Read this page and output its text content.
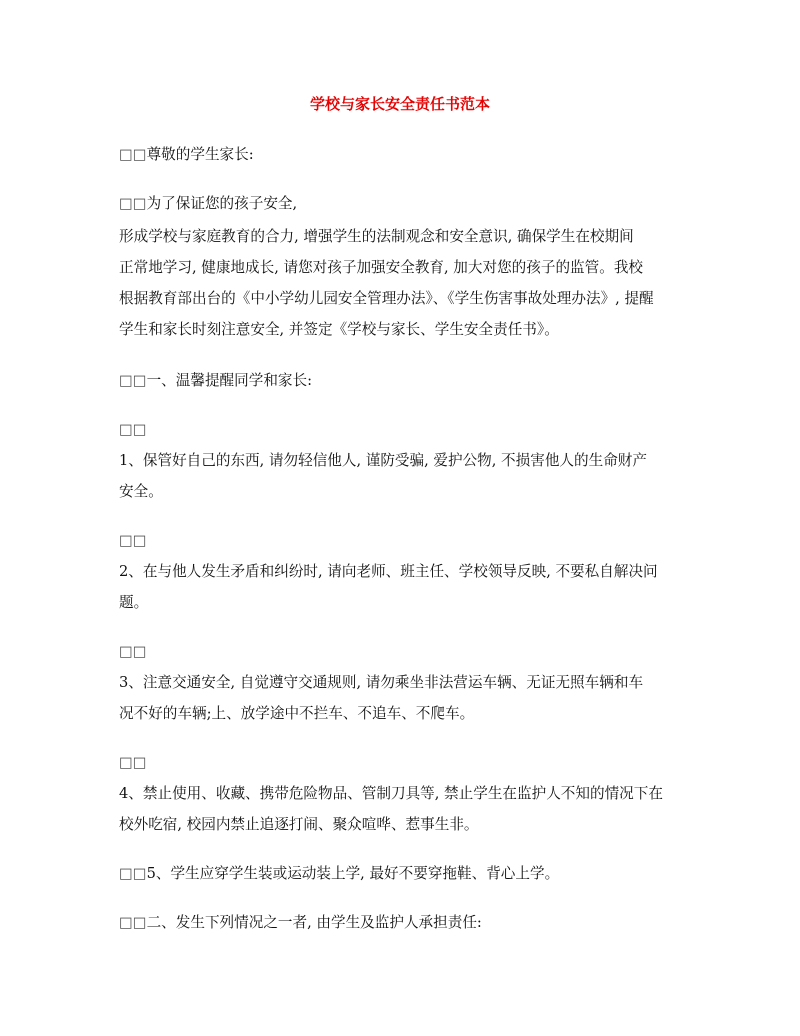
学校与家长安全责任书范本
□□尊敬的学生家长:
□□为了保证您的孩子安全,
形成学校与家庭教育的合力, 增强学生的法制观念和安全意识, 确保学生在校期间
正常地学习, 健康地成长, 请您对孩子加强安全教育, 加大对您的孩子的监管。我校
根据教育部出台的《中小学幼儿园安全管理办法》、《学生伤害事故处理办法》, 提醒
学生和家长时刻注意安全, 并签定《学校与家长、学生安全责任书》。
□□一、温馨提醒同学和家长:
□□
1、保管好自己的东西, 请勿轻信他人, 谨防受骗, 爱护公物, 不损害他人的生命财产
安全。
□□
2、在与他人发生矛盾和纠纷时, 请向老师、班主任、学校领导反映, 不要私自解决问
题。
□□
3、注意交通安全, 自觉遵守交通规则, 请勿乘坐非法营运车辆、无证无照车辆和车
况不好的车辆;上、放学途中不拦车、不追车、不爬车。
□□
4、禁止使用、收藏、携带危险物品、管制刀具等, 禁止学生在监护人不知的情况下在
校外吃宿, 校园内禁止追逐打闹、聚众喧哗、惹事生非。
□□5、学生应穿学生装或运动装上学, 最好不要穿拖鞋、背心上学。
□□二、发生下列情况之一者, 由学生及监护人承担责任:
